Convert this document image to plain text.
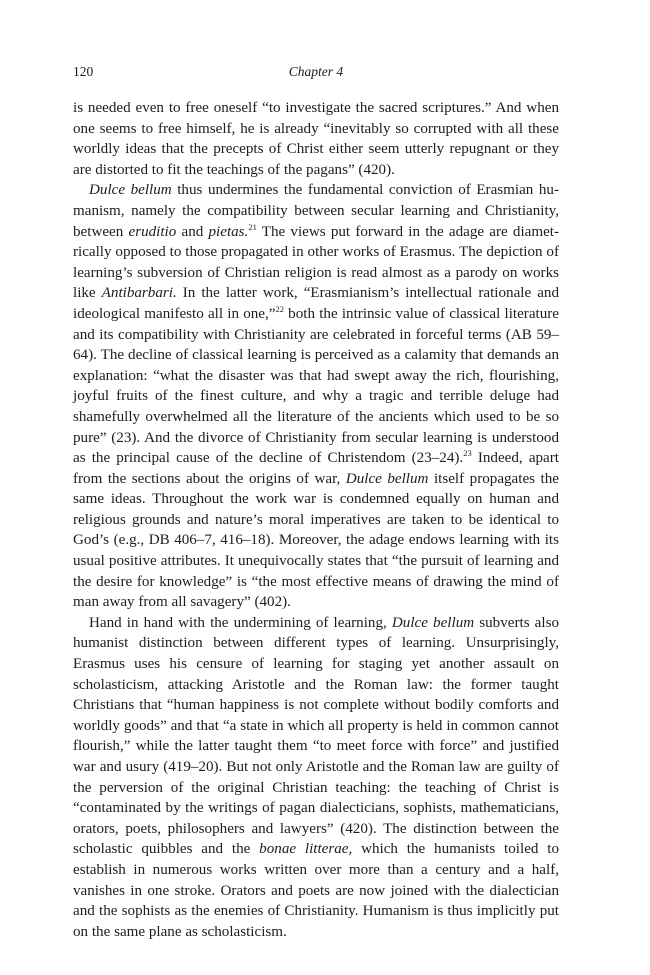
120	Chapter 4

is needed even to free oneself “to investigate the sacred scriptures.” And when one seems to free himself, he is already “inevitably so corrupted with all these worldly ideas that the precepts of Christ either seem utterly repugnant or they are distorted to fit the teachings of the pagans” (420).

Dulce bellum thus undermines the fundamental conviction of Erasmian humanism, namely the compatibility between secular learning and Christianity, between eruditio and pietas.$^{21}$ The views put forward in the adage are diametrically opposed to those propagated in other works of Erasmus. The depiction of learning’s subversion of Christian religion is read almost as a parody on works like Antibarbari. In the latter work, “Erasmianism’s intellectual rationale and ideological manifesto all in one,”$^{22}$ both the intrinsic value of classical literature and its compatibility with Christianity are celebrated in forceful terms (AB 59–64). The decline of classical learning is perceived as a calamity that demands an explanation: “what the disaster was that had swept away the rich, flourishing, joyful fruits of the finest culture, and why a tragic and terrible deluge had shamefully overwhelmed all the literature of the ancients which used to be so pure” (23). And the divorce of Christianity from secular learning is understood as the principal cause of the decline of Christendom (23–24).$^{23}$ Indeed, apart from the sections about the origins of war, Dulce bellum itself propagates the same ideas. Throughout the work war is condemned equally on human and religious grounds and nature’s moral imperatives are taken to be identical to God’s (e.g., DB 406–7, 416–18). Moreover, the adage endows learning with its usual positive attributes. It unequivocally states that “the pursuit of learning and the desire for knowledge” is “the most effective means of drawing the mind of man away from all savagery” (402).

Hand in hand with the undermining of learning, Dulce bellum subverts also humanist distinction between different types of learning. Unsurprisingly, Erasmus uses his censure of learning for staging yet another assault on scholasticism, attacking Aristotle and the Roman law: the former taught Christians that “human happiness is not complete without bodily comforts and worldly goods” and that “a state in which all property is held in common cannot flourish,” while the latter taught them “to meet force with force” and justified war and usury (419–20). But not only Aristotle and the Roman law are guilty of the perversion of the original Christian teaching: the teaching of Christ is “contaminated by the writings of pagan dialecticians, sophists, mathematicians, orators, poets, philosophers and lawyers” (420). The distinction between the scholastic quibbles and the bonae litterae, which the humanists toiled to establish in numerous works written over more than a century and a half, vanishes in one stroke. Orators and poets are now joined with the dialectician and the sophists as the enemies of Christianity. Humanism is thus implicitly put on the same plane as scholasticism.
